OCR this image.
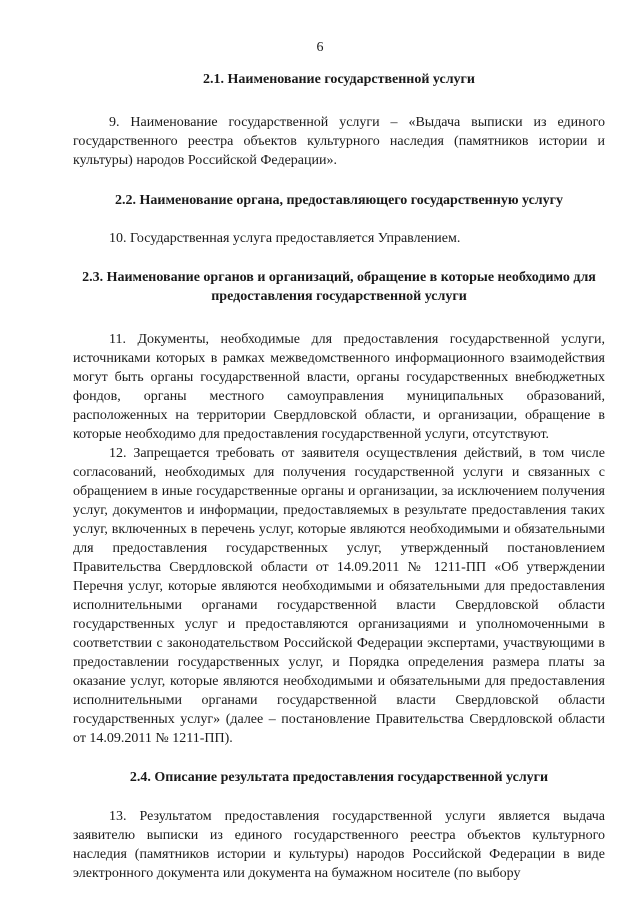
6
2.1. Наименование государственной услуги

9. Наименование государственной услуги – «Выдача выписки из единого государственного реестра объектов культурного наследия (памятников истории и культуры) народов Российской Федерации».

2.2. Наименование органа, предоставляющего государственную услугу

10. Государственная услуга предоставляется Управлением.

2.3. Наименование органов и организаций, обращение в которые необходимо для предоставления государственной услуги

11. Документы, необходимые для предоставления государственной услуги, источниками которых в рамках межведомственного информационного взаимодействия могут быть органы государственной власти, органы государственных внебюджетных фондов, органы местного самоуправления муниципальных образований, расположенных на территории Свердловской области, и организации, обращение в которые необходимо для предоставления государственной услуги, отсутствуют.

12. Запрещается требовать от заявителя осуществления действий, в том числе согласований, необходимых для получения государственной услуги и связанных с обращением в иные государственные органы и организации, за исключением получения услуг, документов и информации, предоставляемых в результате предоставления таких услуг, включенных в перечень услуг, которые являются необходимыми и обязательными для предоставления государственных услуг, утвержденный постановлением Правительства Свердловской области от 14.09.2011 № 1211-ПП «Об утверждении Перечня услуг, которые являются необходимыми и обязательными для предоставления исполнительными органами государственной власти Свердловской области государственных услуг и предоставляются организациями и уполномоченными в соответствии с законодательством Российской Федерации экспертами, участвующими в предоставлении государственных услуг, и Порядка определения размера платы за оказание услуг, которые являются необходимыми и обязательными для предоставления исполнительными органами государственной власти Свердловской области государственных услуг» (далее – постановление Правительства Свердловской области от 14.09.2011 № 1211-ПП).

2.4. Описание результата предоставления государственной услуги

13. Результатом предоставления государственной услуги является выдача заявителю выписки из единого государственного реестра объектов культурного наследия (памятников истории и культуры) народов Российской Федерации в виде электронного документа или документа на бумажном носителе (по выбору
